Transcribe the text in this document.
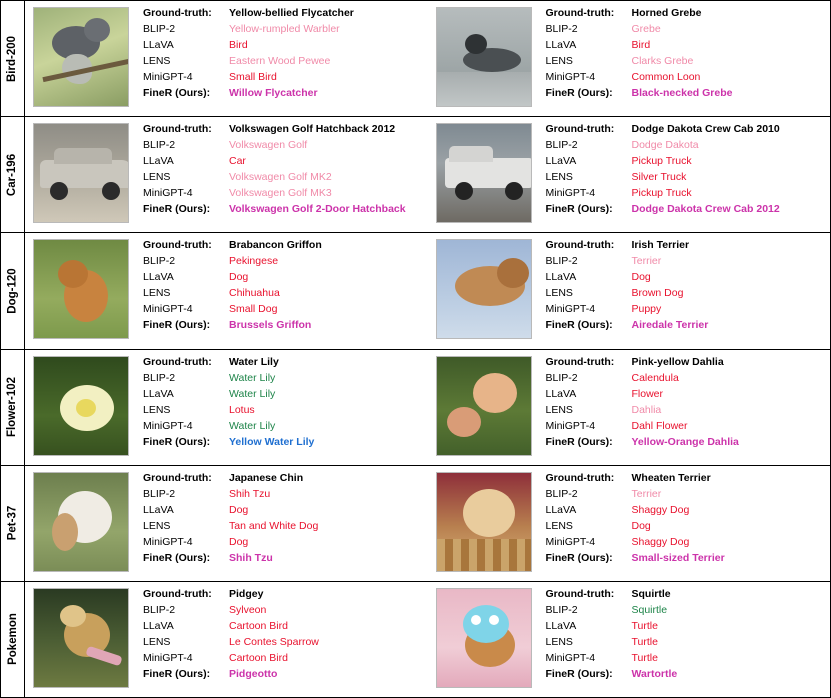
Bird-200
Ground-truth:	Yellow-bellied Flycatcher
BLIP-2	Yellow-rumpled Warbler
LLaVA	Bird
LENS	Eastern Wood Pewee
MiniGPT-4	Small Bird
FineR (Ours):	Willow Flycatcher
Ground-truth:	Horned Grebe
BLIP-2	Grebe
LLaVA	Bird
LENS	Clarks Grebe
MiniGPT-4	Common Loon
FineR (Ours):	Black-necked Grebe
Car-196
Ground-truth:	Volkswagen Golf Hatchback 2012
BLIP-2	Volkswagen Golf
LLaVA	Car
LENS	Volkswagen Golf MK2
MiniGPT-4	Volkswagen Golf MK3
FineR (Ours):	Volkswagen Golf 2-Door Hatchback
Ground-truth:	Dodge Dakota Crew Cab 2010
BLIP-2	Dodge Dakota
LLaVA	Pickup Truck
LENS	Silver Truck
MiniGPT-4	Pickup Truck
FineR (Ours):	Dodge Dakota Crew Cab 2012
Dog-120
Ground-truth:	Brabancon Griffon
BLIP-2	Pekingese
LLaVA	Dog
LENS	Chihuahua
MiniGPT-4	Small Dog
FineR (Ours):	Brussels Griffon
Ground-truth:	Irish Terrier
BLIP-2	Terrier
LLaVA	Dog
LENS	Brown Dog
MiniGPT-4	Puppy
FineR (Ours):	Airedale Terrier
Flower-102
Ground-truth:	Water Lily
BLIP-2	Water Lily
LLaVA	Water Lily
LENS	Lotus
MiniGPT-4	Water Lily
FineR (Ours):	Yellow Water Lily
Ground-truth:	Pink-yellow Dahlia
BLIP-2	Calendula
LLaVA	Flower
LENS	Dahlia
MiniGPT-4	Dahl Flower
FineR (Ours):	Yellow-Orange Dahlia
Pet-37
Ground-truth:	Japanese Chin
BLIP-2	Shih Tzu
LLaVA	Dog
LENS	Tan and White Dog
MiniGPT-4	Dog
FineR (Ours):	Shih Tzu
Ground-truth:	Wheaten Terrier
BLIP-2	Terrier
LLaVA	Shaggy Dog
LENS	Dog
MiniGPT-4	Shaggy Dog
FineR (Ours):	Small-sized Terrier
Pokemon
Ground-truth:	Pidgey
BLIP-2	Sylveon
LLaVA	Cartoon Bird
LENS	Le Contes Sparrow
MiniGPT-4	Cartoon Bird
FineR (Ours):	Pidgeotto
Ground-truth:	Squirtle
BLIP-2	Squirtle
LLaVA	Turtle
LENS	Turtle
MiniGPT-4	Turtle
FineR (Ours):	Wartortle
